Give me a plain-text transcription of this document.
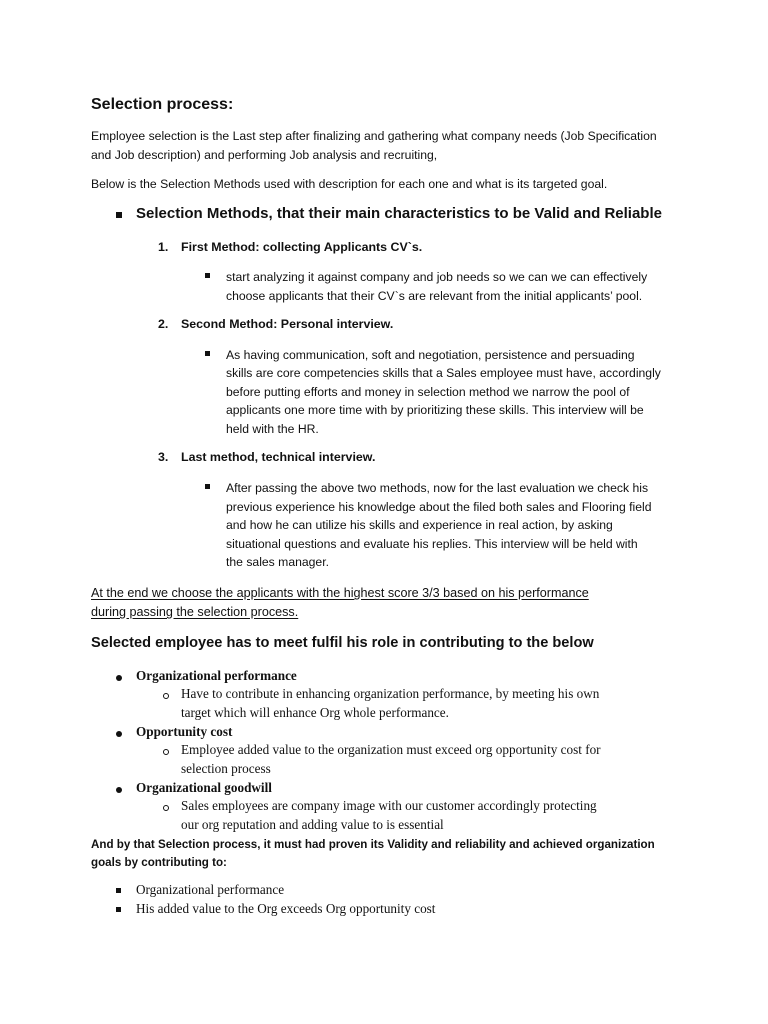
Selection process:
Employee selection is the Last step after finalizing and gathering what company needs (Job Specification
and Job description) and performing Job analysis and recruiting,
Below is the Selection Methods used with description for each one and what is its targeted goal.
Selection Methods, that their main characteristics to be Valid and Reliable
1. First Method: collecting Applicants CV`s.
start analyzing it against company and job needs so we can we can effectively
choose applicants that their CV`s are relevant from the initial applicants’ pool.
2. Second Method: Personal interview.
As having communication, soft and negotiation, persistence and persuading
skills are core competencies skills that a Sales employee must have, accordingly
before putting efforts and money in selection method we narrow the pool of
applicants one more time with by prioritizing these skills. This interview will be
held with the HR.
3. Last method, technical interview.
After passing the above two methods, now for the last evaluation we check his
previous experience his knowledge about the filed both sales and Flooring field
and how he can utilize his skills and experience in real action, by asking
situational questions and evaluate his replies. This interview will be held with
the sales manager.
At the end we choose the applicants with the highest score 3/3 based on his performance
during passing the selection process.
Selected employee has to meet fulfil his role in contributing to the below
Organizational performance
Have to contribute in enhancing organization performance, by meeting his own
target which will enhance Org whole performance.
Opportunity cost
Employee added value to the organization must exceed org opportunity cost for
selection process
Organizational goodwill
Sales employees are company image with our customer accordingly protecting
our org reputation and adding value to is essential
And by that Selection process, it must had proven its Validity and reliability and achieved organization
goals by contributing to:
Organizational performance
His added value to the Org exceeds Org opportunity cost
